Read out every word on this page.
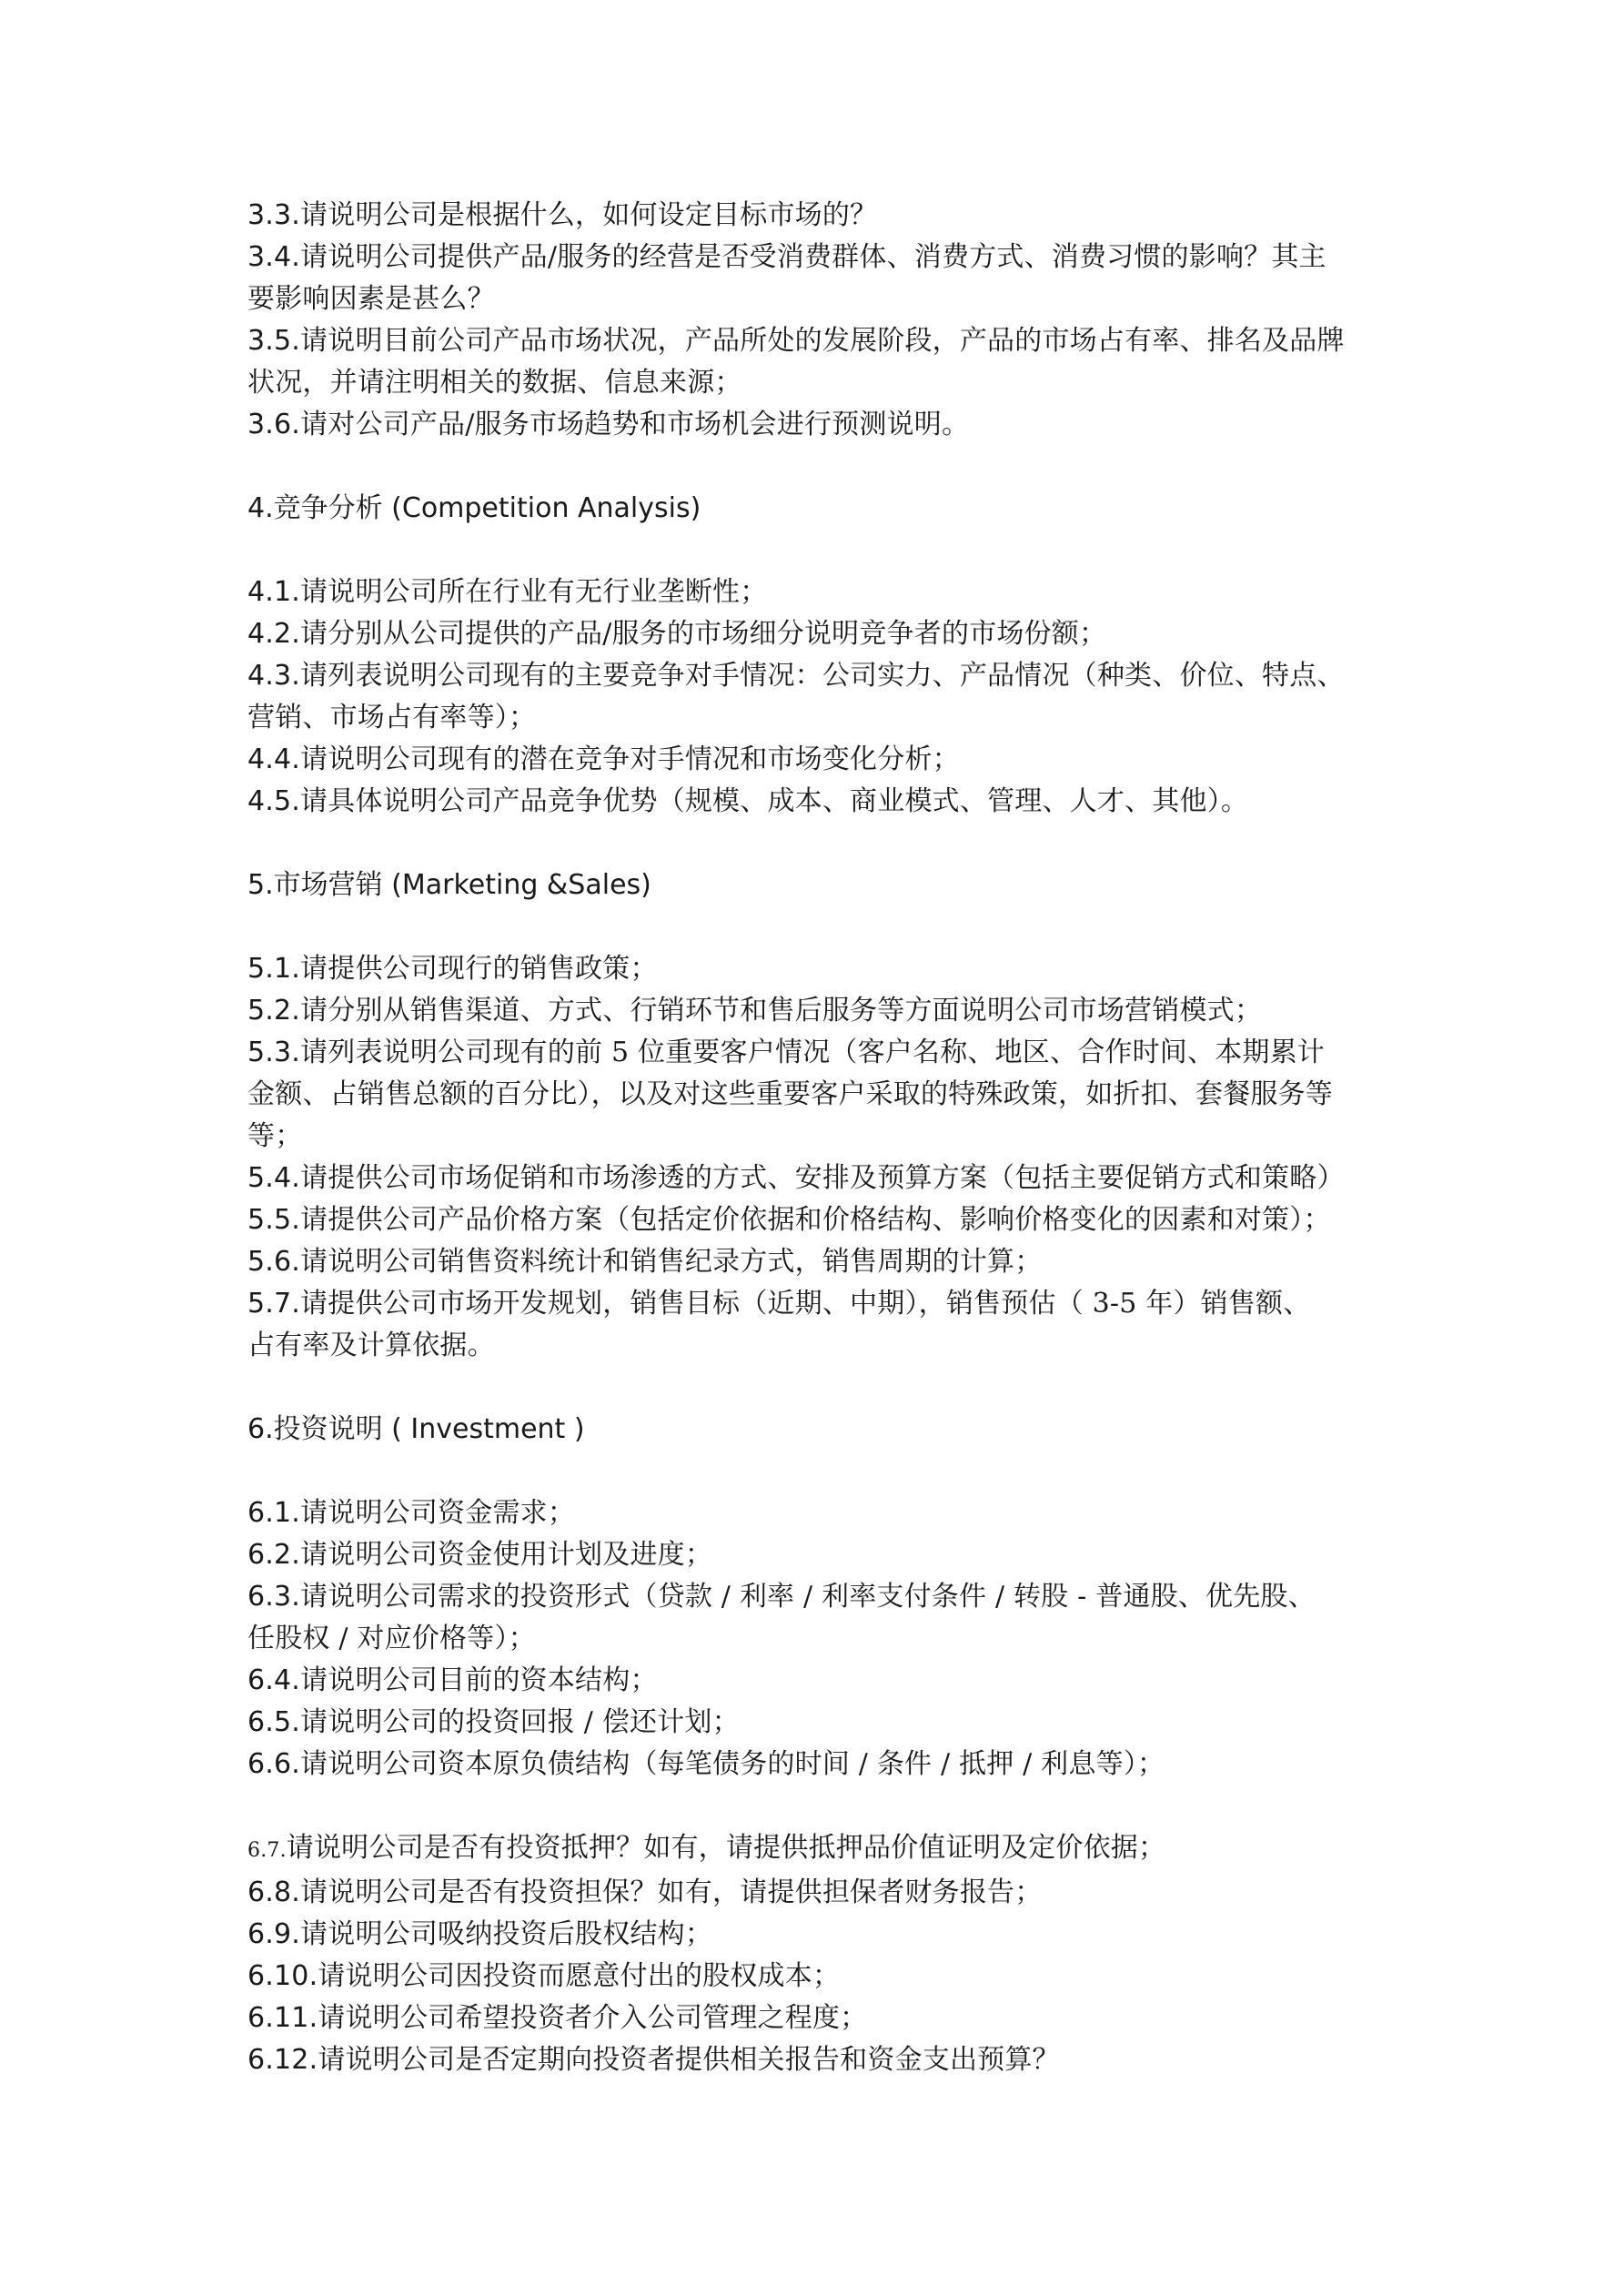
3.3.请说明公司是根据什么，如何设定目标市场的？
3.4.请说明公司提供产品/服务的经营是否受消费群体、消费方式、消费习惯的影响？其主
要影响因素是甚么？
3.5.请说明目前公司产品市场状况，产品所处的发展阶段，产品的市场占有率、排名及品牌
状况，并请注明相关的数据、信息来源；
3.6.请对公司产品/服务市场趋势和市场机会进行预测说明。
4.竞争分析 (Competition Analysis)
4.1.请说明公司所在行业有无行业垄断性；
4.2.请分别从公司提供的产品/服务的市场细分说明竞争者的市场份额；
4.3.请列表说明公司现有的主要竞争对手情况：公司实力、产品情况（种类、价位、特点、
营销、市场占有率等）；
4.4.请说明公司现有的潜在竞争对手情况和市场变化分析；
4.5.请具体说明公司产品竞争优势（规模、成本、商业模式、管理、人才、其他）。
5.市场营销 (Marketing &Sales)
5.1.请提供公司现行的销售政策；
5.2.请分别从销售渠道、方式、行销环节和售后服务等方面说明公司市场营销模式；
5.3.请列表说明公司现有的前 5 位重要客户情况（客户名称、地区、合作时间、本期累计
金额、占销售总额的百分比），以及对这些重要客户采取的特殊政策，如折扣、套餐服务等
等；
5.4.请提供公司市场促销和市场渗透的方式、安排及预算方案（包括主要促销方式和策略）
5.5.请提供公司产品价格方案（包括定价依据和价格结构、影响价格变化的因素和对策）；
5.6.请说明公司销售资料统计和销售纪录方式，销售周期的计算；
5.7.请提供公司市场开发规划，销售目标（近期、中期），销售预估（ 3-5 年）销售额、
占有率及计算依据。
6.投资说明 ( Investment )
6.1.请说明公司资金需求；
6.2.请说明公司资金使用计划及进度；
6.3.请说明公司需求的投资形式（贷款 / 利率 / 利率支付条件 / 转股 - 普通股、优先股、
任股权 / 对应价格等）；
6.4.请说明公司目前的资本结构；
6.5.请说明公司的投资回报 / 偿还计划；
6.6.请说明公司资本原负债结构（每笔债务的时间 / 条件 / 抵押 / 利息等）；
6.7.请说明公司是否有投资抵押？如有，请提供抵押品价值证明及定价依据；
6.8.请说明公司是否有投资担保？如有，请提供担保者财务报告；
6.9.请说明公司吸纳投资后股权结构；
6.10.请说明公司因投资而愿意付出的股权成本；
6.11.请说明公司希望投资者介入公司管理之程度；
6.12.请说明公司是否定期向投资者提供相关报告和资金支出预算？
